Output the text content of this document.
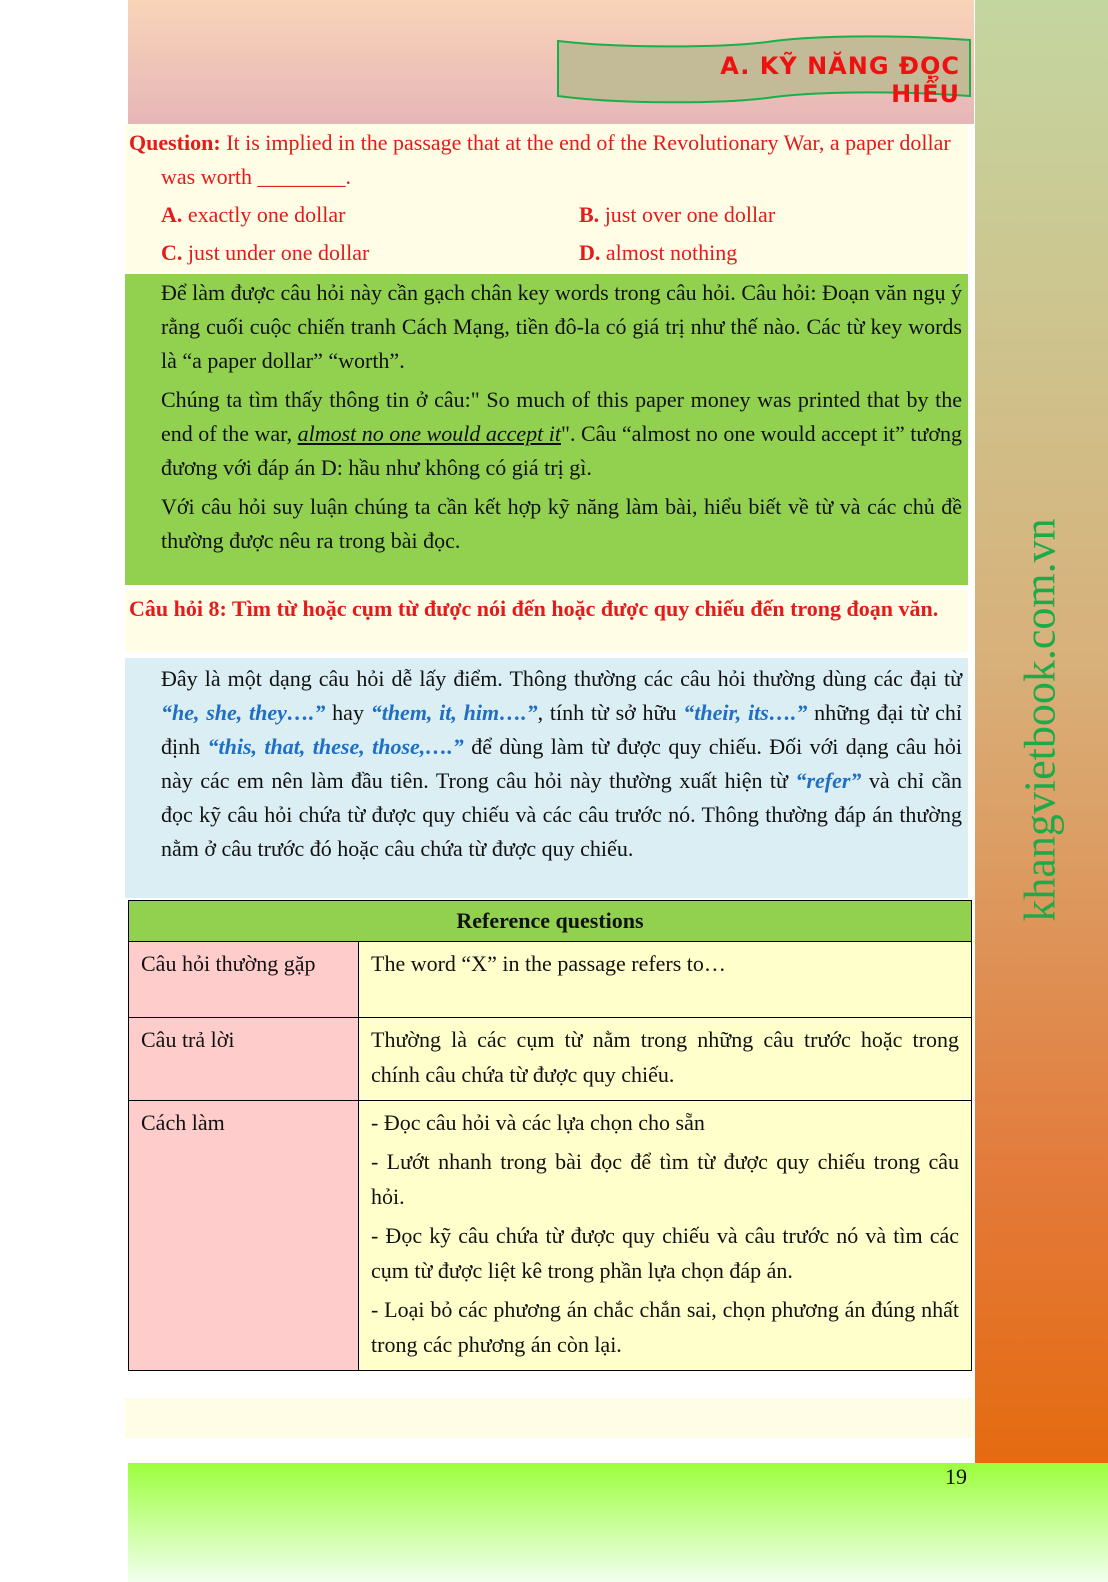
A. KỸ NĂNG ĐỌC HIỂU
khangvietbook.com.vn
Question: It is implied in the passage that at the end of the Revolutionary War, a paper dollar was worth ________.
A. exactly one dollar	B. just over one dollar
C. just under one dollar	D. almost nothing

Để làm được câu hỏi này cần gạch chân key words trong câu hỏi. Câu hỏi: Đoạn văn ngụ ý rằng cuối cuộc chiến tranh Cách Mạng, tiền đô-la có giá trị như thế nào. Các từ key words là “a paper dollar” “worth”.

Chúng ta tìm thấy thông tin ở câu:" So much of this paper money was printed that by the end of the war, almost no one would accept it". Câu “almost no one would accept it” tương đương với đáp án D: hầu như không có giá trị gì.

Với câu hỏi suy luận chúng ta cần kết hợp kỹ năng làm bài, hiểu biết về từ và các chủ đề thường được nêu ra trong bài đọc.

Câu hỏi 8: Tìm từ hoặc cụm từ được nói đến hoặc được quy chiếu đến trong đoạn văn.

Đây là một dạng câu hỏi dễ lấy điểm. Thông thường các câu hỏi thường dùng các đại từ “he, she, they….” hay “them, it, him….”, tính từ sở hữu “their, its….” những đại từ chỉ định “this, that, these, those,….” để dùng làm từ được quy chiếu. Đối với dạng câu hỏi này các em nên làm đầu tiên. Trong câu hỏi này thường xuất hiện từ “refer” và chỉ cần đọc kỹ câu hỏi chứa từ được quy chiếu và các câu trước nó. Thông thường đáp án thường nằm ở câu trước đó hoặc câu chứa từ được quy chiếu.

Reference questions	
Câu hỏi thường gặp	The word “X” in the passage refers to…

Câu trả lời	Thường là các cụm từ nằm trong những câu trước hoặc trong chính câu chứa từ được quy chiếu.

Cách làm	- Đọc câu hỏi và các lựa chọn cho sẵn
- Lướt nhanh trong bài đọc để tìm từ được quy chiếu trong câu hỏi.
- Đọc kỹ câu chứa từ được quy chiếu và câu trước nó và tìm các cụm từ được liệt kê trong phần lựa chọn đáp án.
- Loại bỏ các phương án chắc chắn sai, chọn phương án đúng nhất trong các phương án còn lại.
19
